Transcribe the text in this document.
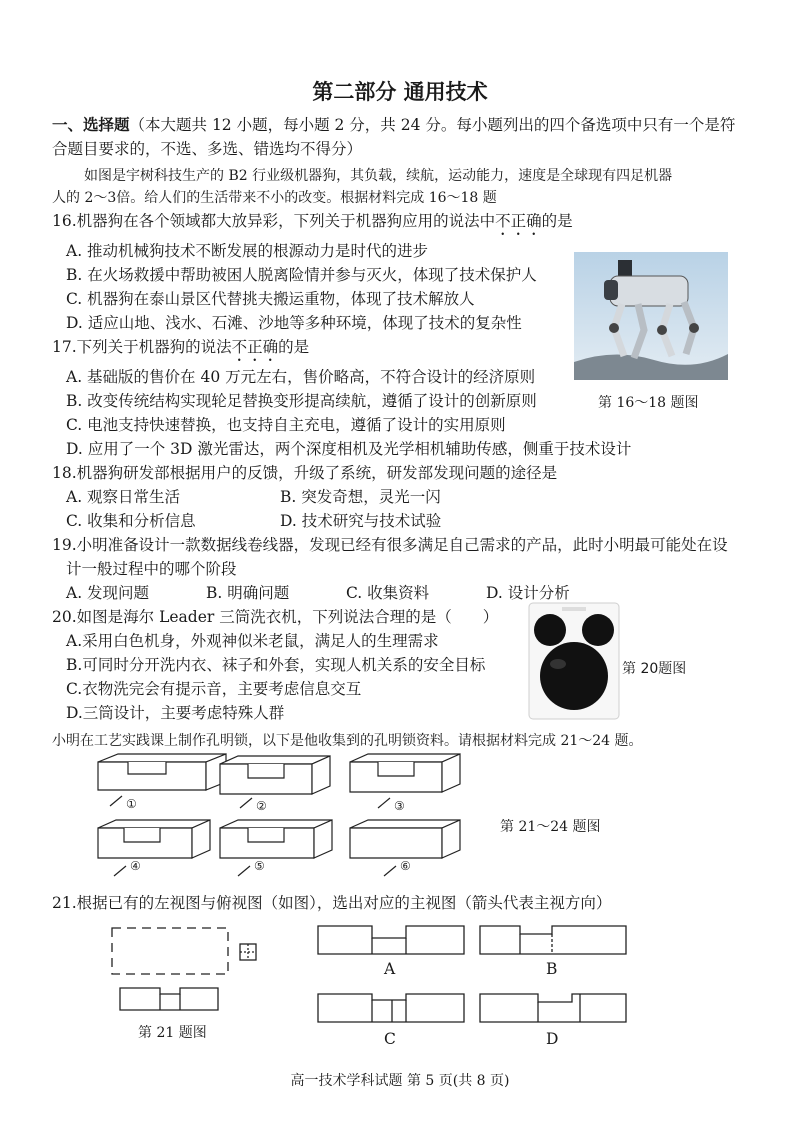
第二部分 通用技术
一、选择题（本大题共 12 小题，每小题 2 分，共 24 分。每小题列出的四个备选项中只有一个是符
合题目要求的，不选、多选、错选均不得分）
如图是宇树科技生产的 B2 行业级机器狗，其负载，续航，运动能力，速度是全球现有四足机器
人的 2～3倍。给人们的生活带来不小的改变。根据材料完成 16～18 题
16.机器狗在各个领域都大放异彩，下列关于机器狗应用的说法中不正确的是
A. 推动机械狗技术不断发展的根源动力是时代的进步
B. 在火场救援中帮助被困人脱离险情并参与灭火，体现了技术保护人
C. 机器狗在泰山景区代替挑夫搬运重物，体现了技术解放人
D. 适应山地、浅水、石滩、沙地等多种环境，体现了技术的复杂性
17.下列关于机器狗的说法不正确的是
A. 基础版的售价在 40 万元左右，售价略高，不符合设计的经济原则
B. 改变传统结构实现轮足替换变形提高续航，遵循了设计的创新原则	第 16～18 题图
C. 电池支持快速替换，也支持自主充电，遵循了设计的实用原则
D. 应用了一个 3D 激光雷达，两个深度相机及光学相机辅助传感，侧重于技术设计
18.机器狗研发部根据用户的反馈，升级了系统，研发部发现问题的途径是
A. 观察日常生活	B. 突发奇想，灵光一闪
C. 收集和分析信息	D. 技术研究与技术试验
19.小明准备设计一款数据线卷线器，发现已经有很多满足自己需求的产品，此时小明最可能处在设
计一般过程中的哪个阶段
A. 发现问题	B. 明确问题	C. 收集资料	D. 设计分析
20.如图是海尔 Leader 三筒洗衣机，下列说法合理的是（　　）
A.采用白色机身，外观神似米老鼠，满足人的生理需求
B.可同时分开洗内衣、袜子和外套，实现人机关系的安全目标
C.衣物洗完会有提示音，主要考虑信息交互
D.三筒设计，主要考虑特殊人群
第 20题图
小明在工艺实践课上制作孔明锁，以下是他收集到的孔明锁资料。请根据材料完成 21～24 题。
①	②	③
④	⑤	⑥
第 21～24 题图
21.根据已有的左视图与俯视图（如图），选出对应的主视图（箭头代表主视方向）
第 21 题图
A	B
C	D
高一技术学科试题 第 5 页(共 8 页)
